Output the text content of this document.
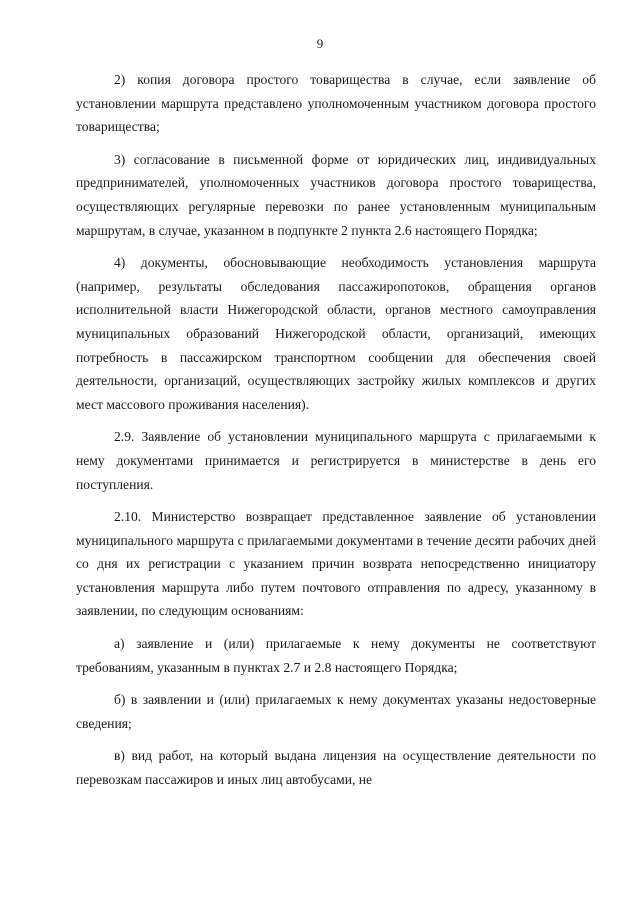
9

2) копия договора простого товарищества в случае, если заявление об установлении маршрута представлено уполномоченным участником договора простого товарищества;

3) согласование в письменной форме от юридических лиц, индивидуальных предпринимателей, уполномоченных участников договора простого товарищества, осуществляющих регулярные перевозки по ранее установленным муниципальным маршрутам, в случае, указанном в подпункте 2 пункта 2.6 настоящего Порядка;

4) документы, обосновывающие необходимость установления маршрута (например, результаты обследования пассажиропотоков, обращения органов исполнительной власти Нижегородской области, органов местного самоуправления муниципальных образований Нижегородской области, организаций, имеющих потребность в пассажирском транспортном сообщении для обеспечения своей деятельности, организаций, осуществляющих застройку жилых комплексов и других мест массового проживания населения).

2.9. Заявление об установлении муниципального маршрута с прилагаемыми к нему документами принимается и регистрируется в министерстве в день его поступления.

2.10. Министерство возвращает представленное заявление об установлении муниципального маршрута с прилагаемыми документами в течение десяти рабочих дней со дня их регистрации с указанием причин возврата непосредственно инициатору установления маршрута либо путем почтового отправления по адресу, указанному в заявлении, по следующим основаниям:

а) заявление и (или) прилагаемые к нему документы не соответствуют требованиям, указанным в пунктах 2.7 и 2.8 настоящего Порядка;

б) в заявлении и (или) прилагаемых к нему документах указаны недостоверные сведения;

в) вид работ, на который выдана лицензия на осуществление деятельности по перевозкам пассажиров и иных лиц автобусами, не
